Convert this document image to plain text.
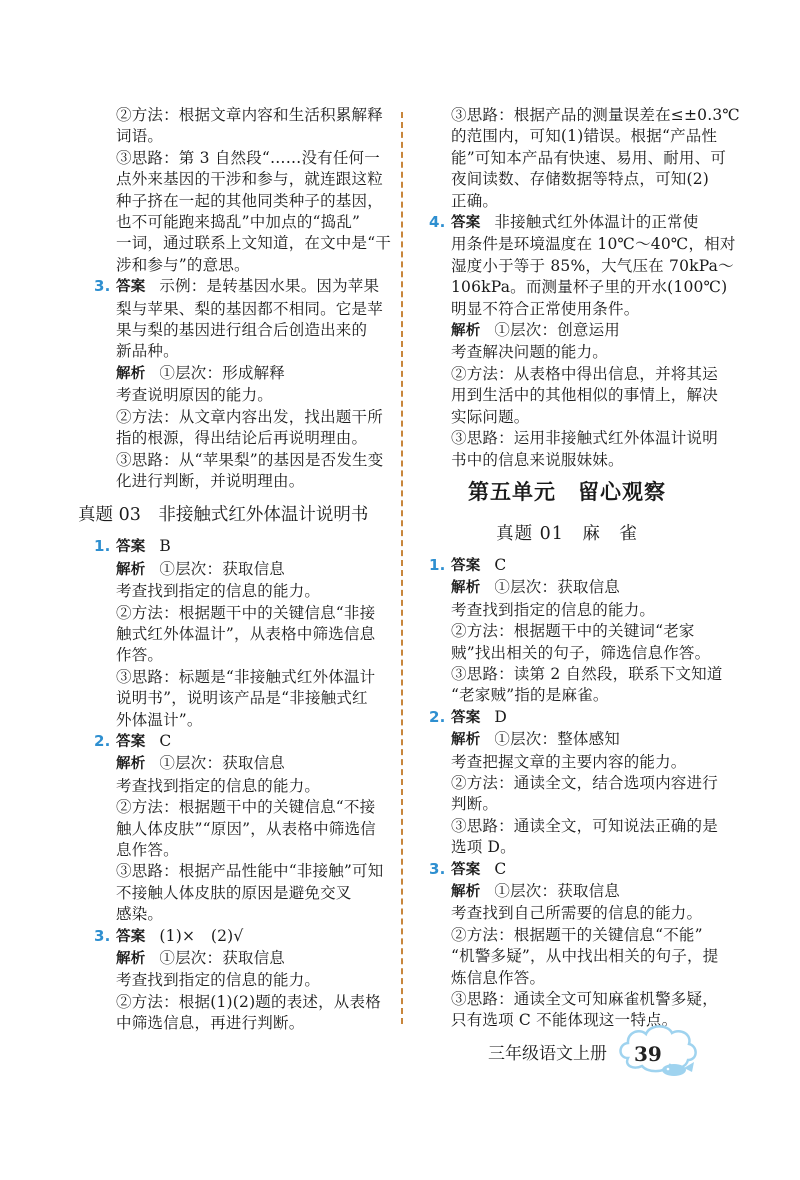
②方法：根据文章内容和生活积累解释
词语。
③思路：第 3 自然段“……没有任何一
点外来基因的干涉和参与，就连跟这粒
种子挤在一起的其他同类种子的基因，
也不可能跑来捣乱”中加点的“捣乱”
一词，通过联系上文知道，在文中是“干
涉和参与”的意思。
3. 答案 示例：是转基因水果。因为苹果
梨与苹果、梨的基因都不相同。它是苹
果与梨的基因进行组合后创造出来的
新品种。
解析 ①层次：形成解释
考查说明原因的能力。
②方法：从文章内容出发，找出题干所
指的根源，得出结论后再说明理由。
③思路：从“苹果梨”的基因是否发生变
化进行判断，并说明理由。
真题 03　非接触式红外体温计说明书
1. 答案 B
解析 ①层次：获取信息
考查找到指定的信息的能力。
②方法：根据题干中的关键信息“非接
触式红外体温计”，从表格中筛选信息
作答。
③思路：标题是“非接触式红外体温计
说明书”，说明该产品是“非接触式红
外体温计”。
2. 答案 C
解析 ①层次：获取信息
考查找到指定的信息的能力。
②方法：根据题干中的关键信息“不接
触人体皮肤”“原因”，从表格中筛选信
息作答。
③思路：根据产品性能中“非接触”可知
不接触人体皮肤的原因是避免交叉
感染。
3. 答案 (1)×　(2)√
解析 ①层次：获取信息
考查找到指定的信息的能力。
②方法：根据(1)(2)题的表述，从表格
中筛选信息，再进行判断。
③思路：根据产品的测量误差在≤±0.3℃
的范围内，可知(1)错误。根据“产品性
能”可知本产品有快速、易用、耐用、可
夜间读数、存储数据等特点，可知(2)
正确。
4. 答案 非接触式红外体温计的正常使
用条件是环境温度在 10℃～40℃，相对
湿度小于等于 85%，大气压在 70kPa～
106kPa。而测量杯子里的开水(100℃)
明显不符合正常使用条件。
解析 ①层次：创意运用
考查解决问题的能力。
②方法：从表格中得出信息，并将其运
用到生活中的其他相似的事情上，解决
实际问题。
③思路：运用非接触式红外体温计说明
书中的信息来说服妹妹。
第五单元　留心观察
真题 01　麻　雀
1. 答案 C
解析 ①层次：获取信息
考查找到指定的信息的能力。
②方法：根据题干中的关键词“老家
贼”找出相关的句子，筛选信息作答。
③思路：读第 2 自然段，联系下文知道
“老家贼”指的是麻雀。
2. 答案 D
解析 ①层次：整体感知
考查把握文章的主要内容的能力。
②方法：通读全文，结合选项内容进行
判断。
③思路：通读全文，可知说法正确的是
选项 D。
3. 答案 C
解析 ①层次：获取信息
考查找到自己所需要的信息的能力。
②方法：根据题干的关键信息“不能”
“机警多疑”，从中找出相关的句子，提
炼信息作答。
③思路：通读全文可知麻雀机警多疑，
只有选项 C 不能体现这一特点。
三年级语文上册 39
